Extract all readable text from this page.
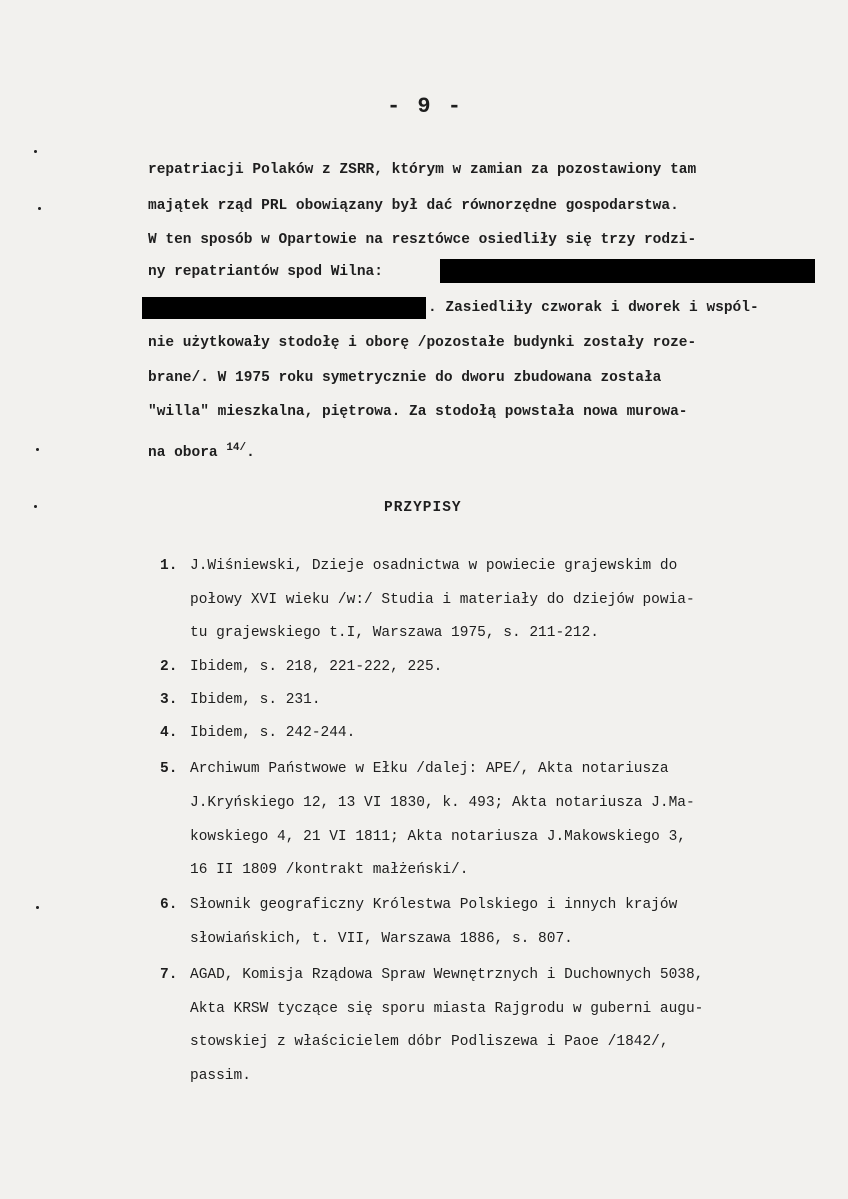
- 9 -
repatriacji Polaków z ZSRR, którym w zamian za pozostawiony tam
majątek rząd PRL obowiązany był dać równorzędne gospodarstwa.
W ten sposób w Opartowie na resztówce osiedliły się trzy rodzi-
ny repatriantów spod Wilna:
. Zasiedliły czworak i dworek i wspól-
nie użytkowały stodołę i oborę /pozostałe budynki zostały roze-
brane/. W 1975 roku symetrycznie do dworu zbudowana została
"willa" mieszkalna, piętrowa. Za stodołą powstała nowa murowa-
na obora $^{14/}$.
PRZYPISY
1. J.Wiśniewski, Dzieje osadnictwa w powiecie grajewskim do
połowy XVI wieku /w:/ Studia i materiały do dziejów powia-
tu grajewskiego t.I, Warszawa 1975, s. 211-212.
2. Ibidem, s. 218, 221-222, 225.
3. Ibidem, s. 231.
4. Ibidem, s. 242-244.
5. Archiwum Państwowe w Ełku /dalej: APE/, Akta notariusza
J.Kryńskiego 12, 13 VI 1830, k. 493; Akta notariusza J.Ma-
kowskiego 4, 21 VI 1811; Akta notariusza J.Makowskiego 3,
16 II 1809 /kontrakt małżeński/.
6. Słownik geograficzny Królestwa Polskiego i innych krajów
słowiańskich, t. VII, Warszawa 1886, s. 807.
7. AGAD, Komisja Rządowa Spraw Wewnętrznych i Duchownych 5038,
Akta KRSW tyczące się sporu miasta Rajgrodu w guberni augu-
stowskiej z właścicielem dóbr Podliszewa i Paoe /1842/,
passim.
